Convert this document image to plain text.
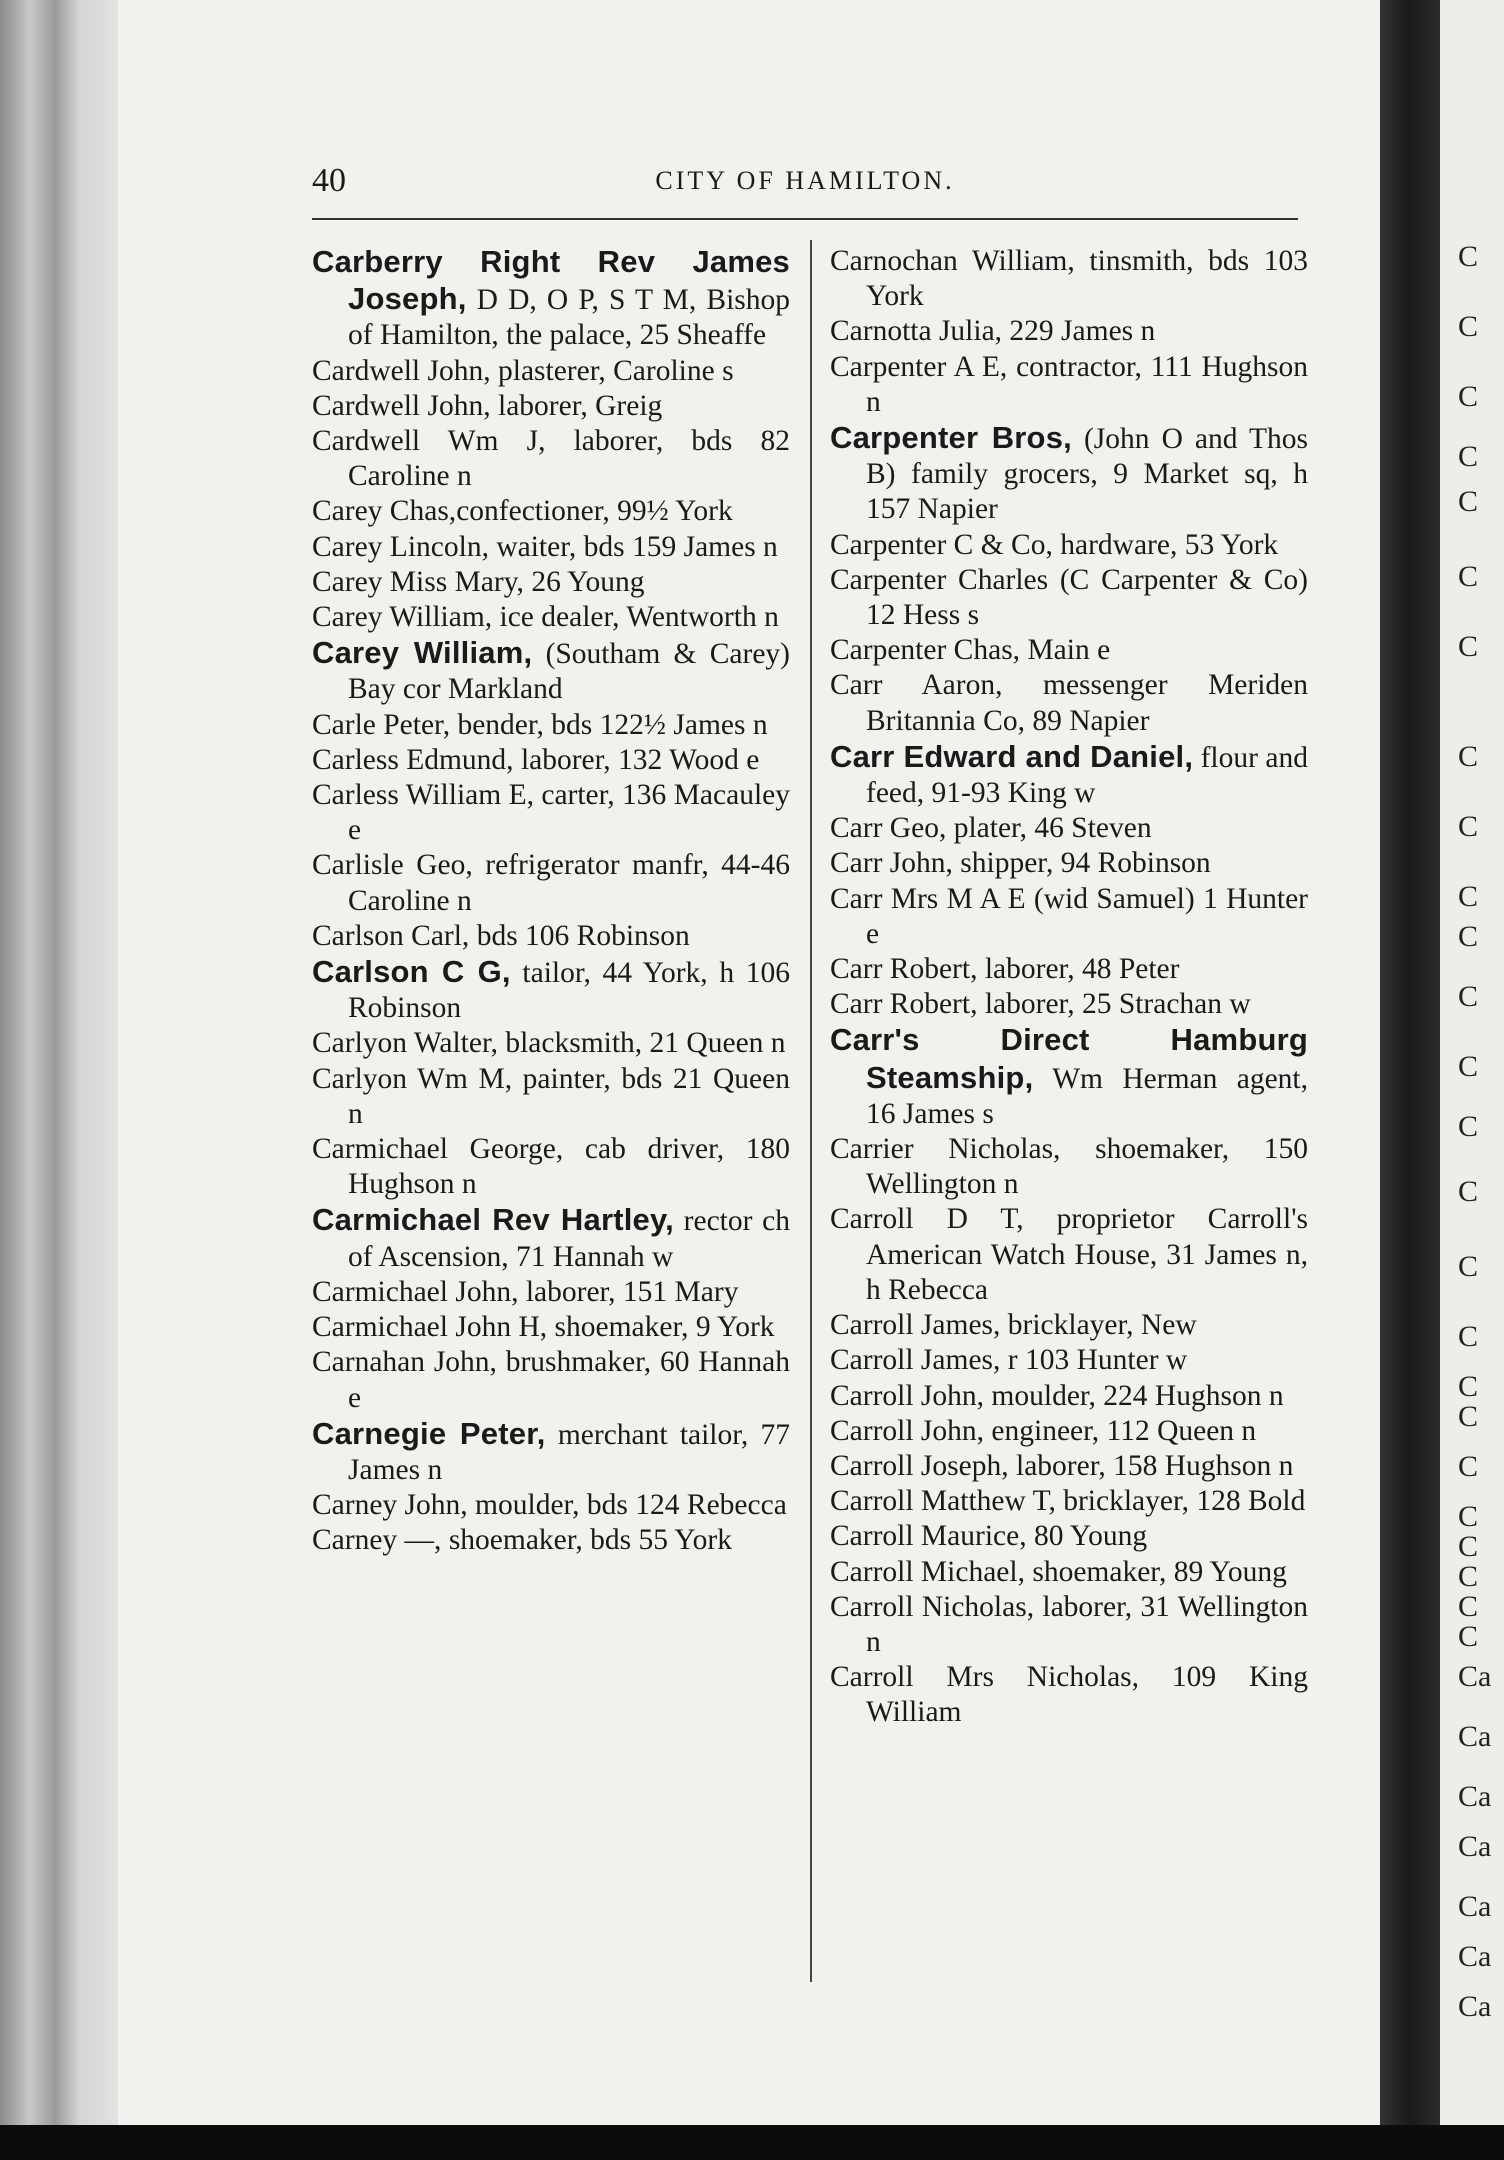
C
C
C
C
C
C
C
C
C
C
C
C
C
C
C
C
C
C
C
C
C
C
C
C
C
Ca
Ca
Ca
Ca
Ca
Ca
Ca
40	CITY OF HAMILTON.
Carberry Right Rev James Joseph, D D, O P, S T M, Bishop of Hamilton, the palace, 25 Sheaffe
Cardwell John, plasterer, Caroline s
Cardwell John, laborer, Greig
Cardwell Wm J, laborer, bds 82 Caroline n
Carey Chas,confectioner, 99½ York
Carey Lincoln, waiter, bds 159 James n
Carey Miss Mary, 26 Young
Carey William, ice dealer, Wentworth n
Carey William, (Southam & Carey) Bay cor Markland
Carle Peter, bender, bds 122½ James n
Carless Edmund, laborer, 132 Wood e
Carless William E, carter, 136 Macauley e
Carlisle Geo, refrigerator manfr, 44-46 Caroline n
Carlson Carl, bds 106 Robinson
Carlson C G, tailor, 44 York, h 106 Robinson
Carlyon Walter, blacksmith, 21 Queen n
Carlyon Wm M, painter, bds 21 Queen n
Carmichael George, cab driver, 180 Hughson n
Carmichael Rev Hartley, rector ch of Ascension, 71 Hannah w
Carmichael John, laborer, 151 Mary
Carmichael John H, shoemaker, 9 York
Carnahan John, brushmaker, 60 Hannah e
Carnegie Peter, merchant tailor, 77 James n
Carney John, moulder, bds 124 Rebecca
Carney —, shoemaker, bds 55 York
Carnochan William, tinsmith, bds 103 York
Carnotta Julia, 229 James n
Carpenter A E, contractor, 111 Hughson n
Carpenter Bros, (John O and Thos B) family grocers, 9 Market sq, h 157 Napier
Carpenter C & Co, hardware, 53 York
Carpenter Charles (C Carpenter & Co) 12 Hess s
Carpenter Chas, Main e
Carr Aaron, messenger Meriden Britannia Co, 89 Napier
Carr Edward and Daniel, flour and feed, 91-93 King w
Carr Geo, plater, 46 Steven
Carr John, shipper, 94 Robinson
Carr Mrs M A E (wid Samuel) 1 Hunter e
Carr Robert, laborer, 48 Peter
Carr Robert, laborer, 25 Strachan w
Carr's Direct Hamburg Steamship, Wm Herman agent, 16 James s
Carrier Nicholas, shoemaker, 150 Wellington n
Carroll D T, proprietor Carroll's American Watch House, 31 James n, h Rebecca
Carroll James, bricklayer, New
Carroll James, r 103 Hunter w
Carroll John, moulder, 224 Hughson n
Carroll John, engineer, 112 Queen n
Carroll Joseph, laborer, 158 Hughson n
Carroll Matthew T, bricklayer, 128 Bold
Carroll Maurice, 80 Young
Carroll Michael, shoemaker, 89 Young
Carroll Nicholas, laborer, 31 Wellington n
Carroll Mrs Nicholas, 109 King William
